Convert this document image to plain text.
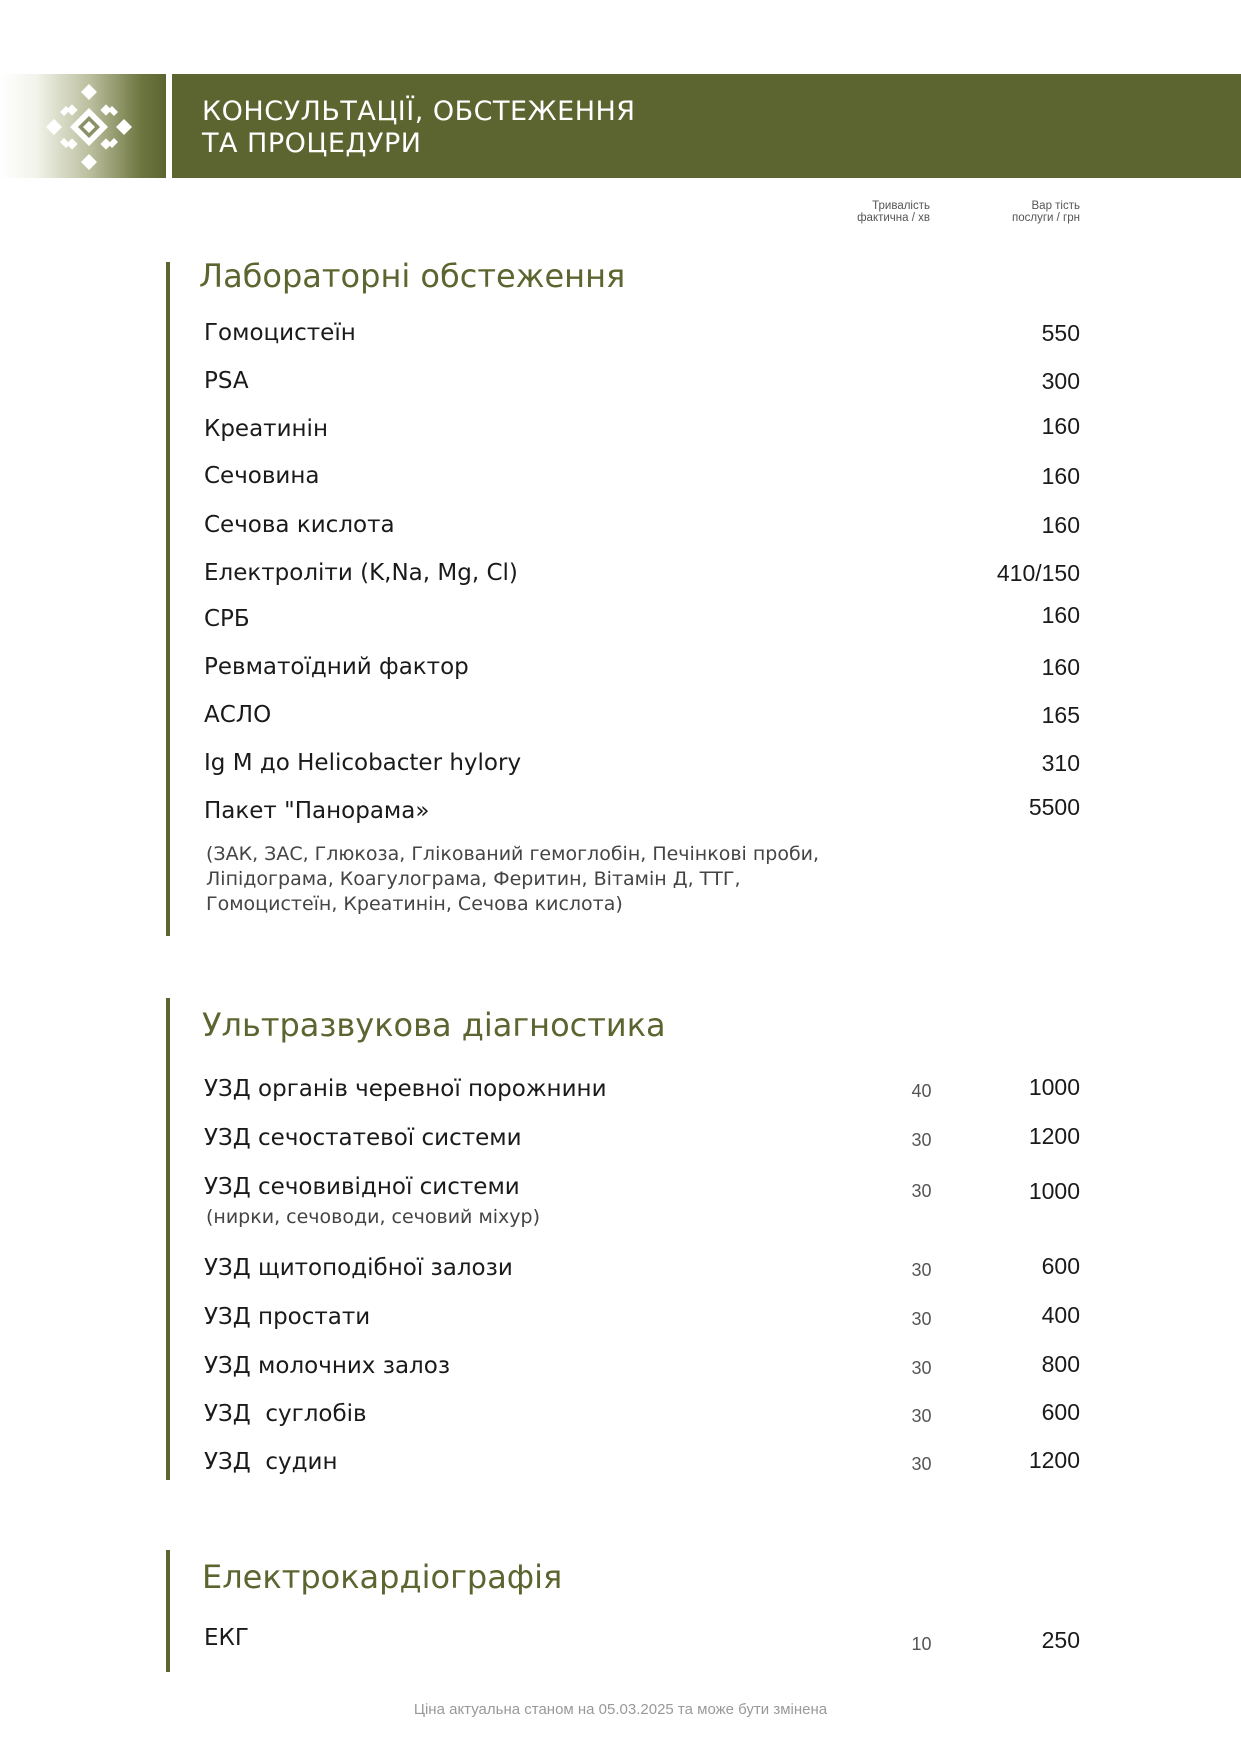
КОНСУЛЬТАЦІЇ, ОБСТЕЖЕННЯ
ТА ПРОЦЕДУРИ
Тривалість
фактична / хв
Вар тість
послуги / грн
Лабораторні обстеження
Гомоцистеїн	550
PSA	300
Креатинін	160
Сечовина	160
Сечова кислота	160
Електроліти (K,Na, Mg, Cl)	410/150
СРБ	160
Ревматоїдний фактор	160
АСЛО	165
Ig M до Helicobacter hylory	310
Пакет "Панорама»	5500
(ЗАК, ЗАС, Глюкоза, Глікований гемоглобін, Печінкові проби,
Ліпідограма, Коагулограма, Феритин, Вітамін Д, ТТГ,
Гомоцистеїн, Креатинін, Сечова кислота)
Ультразвукова діагностика
УЗД органів черевної порожнини	40	1000
УЗД сечостатевої системи	30	1200
УЗД сечовивідної системи	30	1000
(нирки, сечоводи, сечовий міхур)
УЗД щитоподібної залози	30	600
УЗД простати	30	400
УЗД молочних залоз	30	800
УЗД  суглобів	30	600
УЗД  судин	30	1200
Електрокардіографія
ЕКГ	10	250
Ціна актуальна станом на 05.03.2025 та може бути змінена
